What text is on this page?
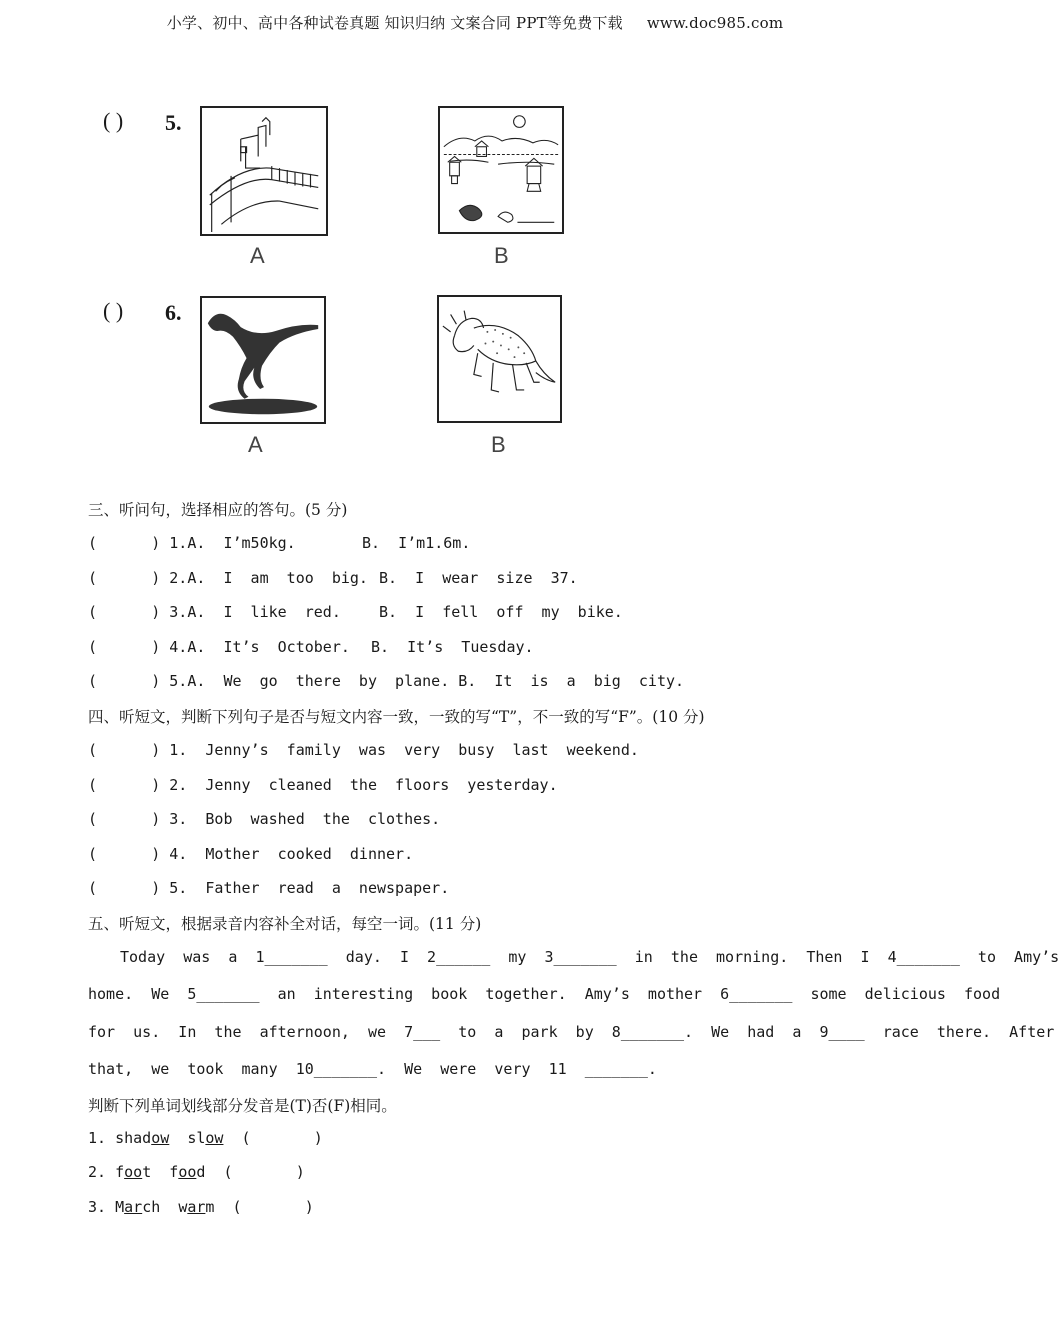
小学、初中、高中各种试卷真题 知识归纳 文案合同 PPT等免费下载 www.doc985.com
( ) 5.
A	B
( ) 6.
A	B
三、听问句，选择相应的答句。(5 分)
(      ) 1.A.  I’m50kg.	B.  I’m1.6m.
(      ) 2.A.  I  am  too  big. B.  I  wear  size  37.
(      ) 3.A.  I  like  red.	B.  I  fell  off  my  bike.
(      ) 4.A.  It’s  October. B.  It’s  Tuesday.
(      ) 5.A.  We  go  there  by  plane. B.  It  is  a  big  city.
四、听短文，判断下列句子是否与短文内容一致，一致的写“T”，不一致的写“F”。(10 分)
(      ) 1.  Jenny’s  family  was  very  busy  last  weekend.
(      ) 2.  Jenny  cleaned  the  floors  yesterday.
(      ) 3.  Bob  washed  the  clothes.
(      ) 4.  Mother  cooked  dinner.
(      ) 5.  Father  read  a  newspaper.
五、听短文，根据录音内容补全对话，每空一词。(11 分)
Today  was  a  1_______  day.  I  2______  my  3_______  in  the  morning.  Then  I  4_______  to  Amy’s
home.  We  5_______  an  interesting  book  together.  Amy’s  mother  6_______  some  delicious  food
for  us.  In  the  afternoon,  we  7___  to  a  park  by  8_______.  We  had  a  9____  race  there.  After
that,  we  took  many  10_______.  We  were  very  11  _______.
判断下列单词划线部分发音是(T)否(F)相同。
1. shadow slow (       )
2. foot food (       )
3. March warm (       )
